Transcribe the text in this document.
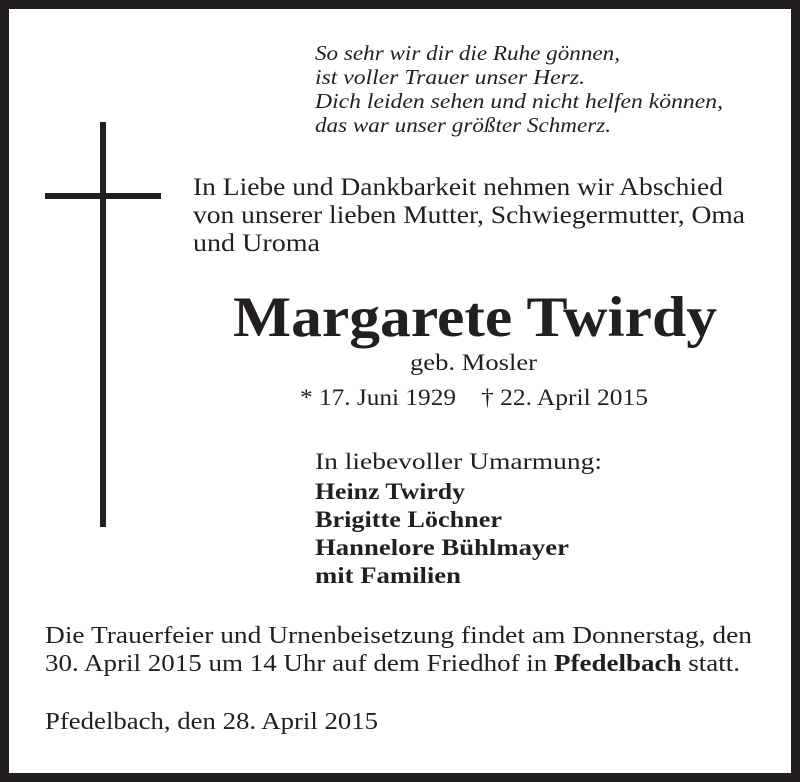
So sehr wir dir die Ruhe gönnen,
ist voller Trauer unser Herz.
Dich leiden sehen und nicht helfen können,
das war unser größter Schmerz.
In Liebe und Dankbarkeit nehmen wir Abschied
von unserer lieben Mutter, Schwiegermutter, Oma
und Uroma
Margarete Twirdy
geb. Mosler
* 17. Juni 1929 † 22. April 2015
In liebevoller Umarmung:
Heinz Twirdy
Brigitte Löchner
Hannelore Bühlmayer
mit Familien
Die Trauerfeier und Urnenbeisetzung findet am Donnerstag, den
30. April 2015 um 14 Uhr auf dem Friedhof in Pfedelbach statt.
Pfedelbach, den 28. April 2015
